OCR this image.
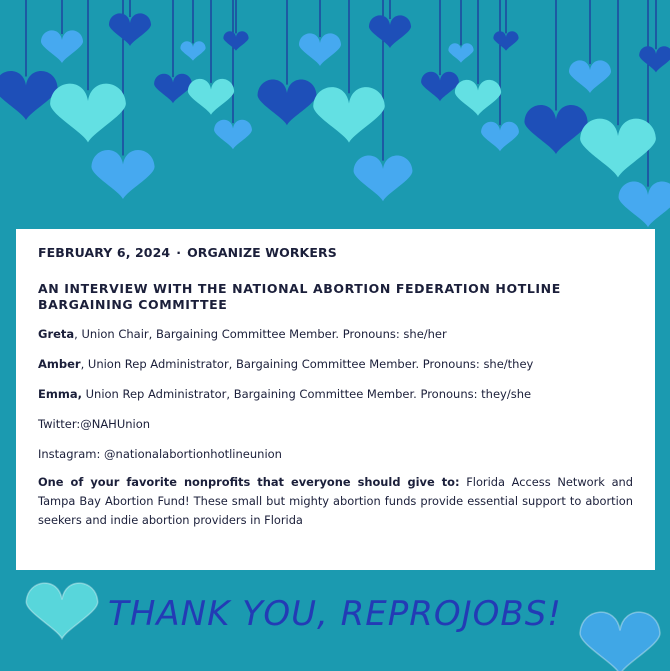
FEBRUARY 6, 2024 · ORGANIZE WORKERS
AN INTERVIEW WITH THE NATIONAL ABORTION FEDERATION HOTLINE BARGAINING COMMITTEE
Greta, Union Chair, Bargaining Committee Member. Pronouns: she/her
Amber, Union Rep Administrator, Bargaining Committee Member. Pronouns: she/they
Emma, Union Rep Administrator, Bargaining Committee Member. Pronouns: they/she
Twitter:@NAHUnion
Instagram: @nationalabortionhotlineunion
One of your favorite nonprofits that everyone should give to: Florida Access Network and Tampa Bay Abortion Fund! These small but mighty abortion funds provide essential support to abortion seekers and indie abortion providers in Florida
THANK YOU, REPROJOBS!
